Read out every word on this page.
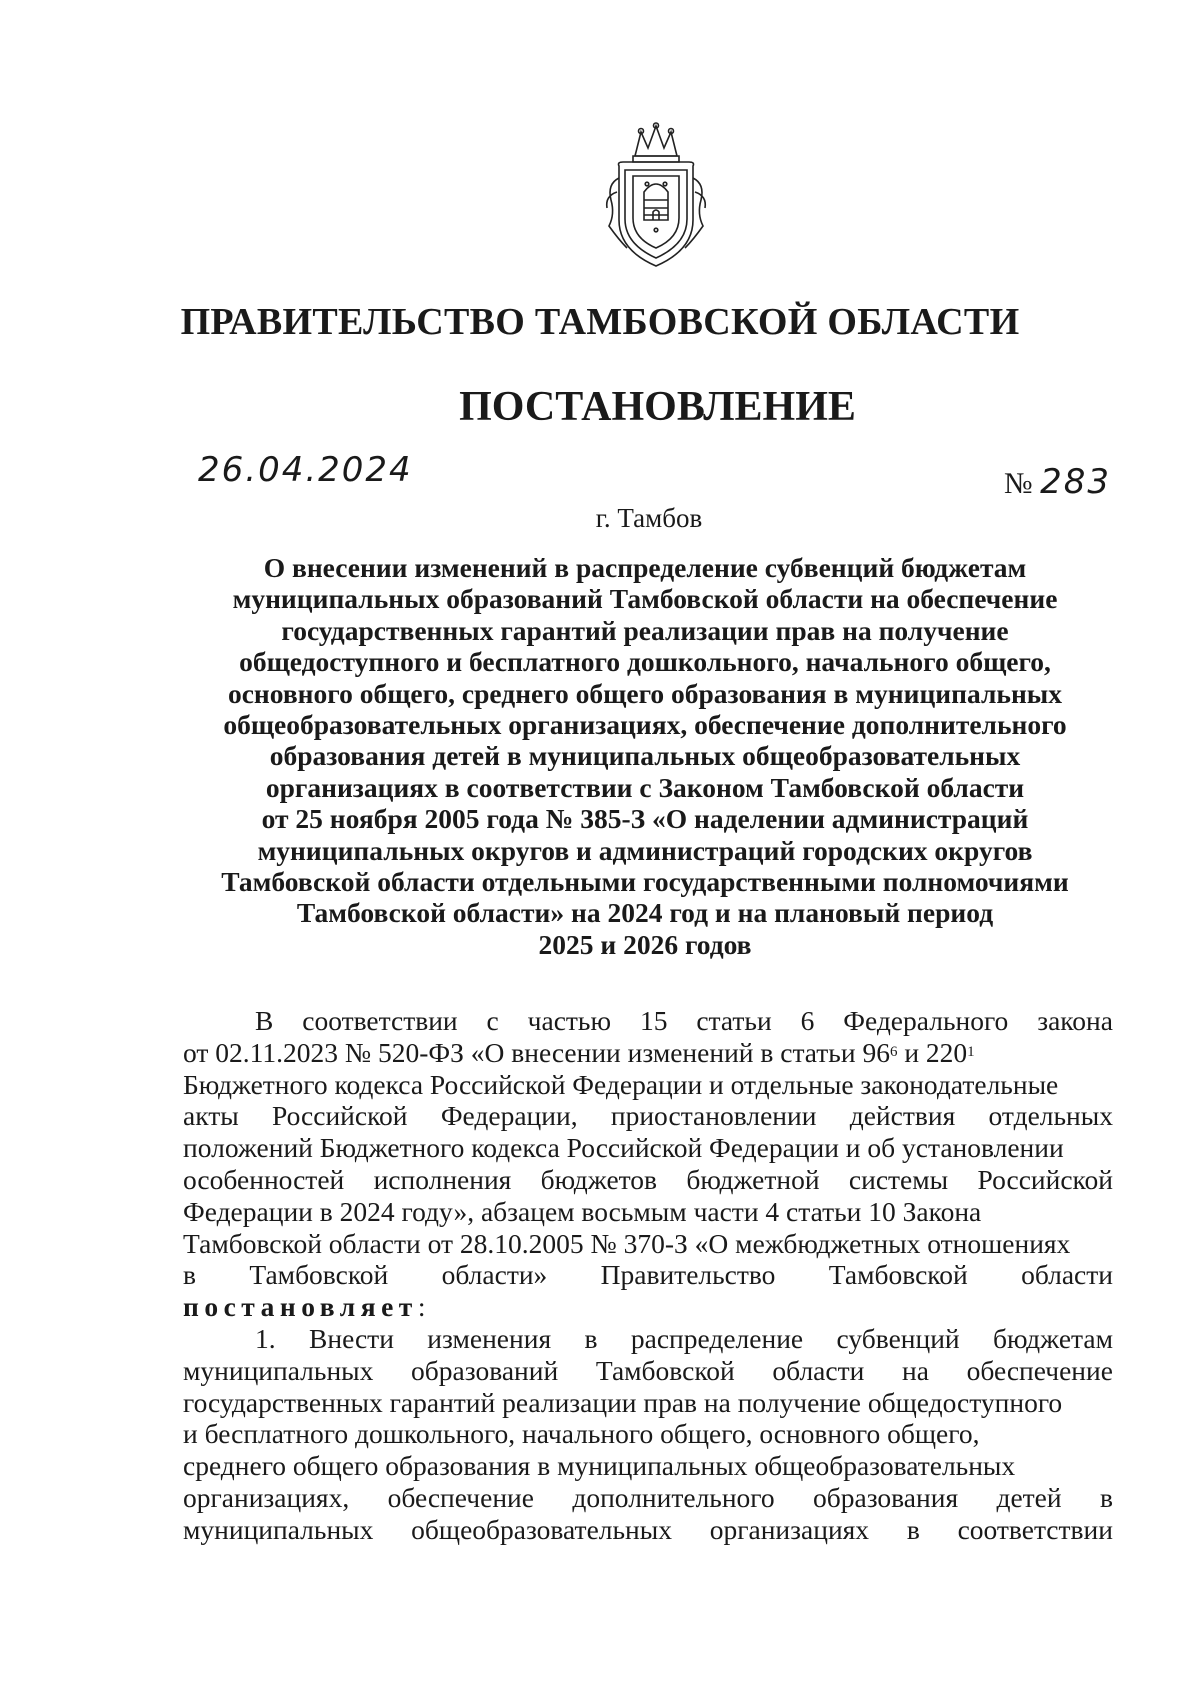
ПРАВИТЕЛЬСТВО ТАМБОВСКОЙ ОБЛАСТИ
ПОСТАНОВЛЕНИЕ
26.04.2024	№ 283
г. Тамбов
О внесении изменений в распределение субвенций бюджетам
муниципальных образований Тамбовской области на обеспечение
государственных гарантий реализации прав на получение
общедоступного и бесплатного дошкольного, начального общего,
основного общего, среднего общего образования в муниципальных
общеобразовательных организациях, обеспечение дополнительного
образования детей в муниципальных общеобразовательных
организациях в соответствии с Законом Тамбовской области
от 25 ноября 2005 года № 385-З «О наделении администраций
муниципальных округов и администраций городских округов
Тамбовской области отдельными государственными полномочиями
Тамбовской области» на 2024 год и на плановый период
2025 и 2026 годов
В соответствии с частью 15 статьи 6 Федерального закона
от 02.11.2023 № 520-ФЗ «О внесении изменений в статьи 96 6 и 220 1
Бюджетного кодекса Российской Федерации и отдельные законодательные
акты Российской Федерации, приостановлении действия отдельных
положений Бюджетного кодекса Российской Федерации и об установлении
особенностей исполнения бюджетов бюджетной системы Российской
Федерации в 2024 году», абзацем восьмым части 4 статьи 10 Закона
Тамбовской области от 28.10.2005 № 370-З «О межбюджетных отношениях
в Тамбовской области» Правительство Тамбовской области
постановляет :
1. Внести изменения в распределение субвенций бюджетам
муниципальных образований Тамбовской области на обеспечение
государственных гарантий реализации прав на получение общедоступного
и бесплатного дошкольного, начального общего, основного общего,
среднего общего образования в муниципальных общеобразовательных
организациях, обеспечение дополнительного образования детей в
муниципальных общеобразовательных организациях в соответствии
